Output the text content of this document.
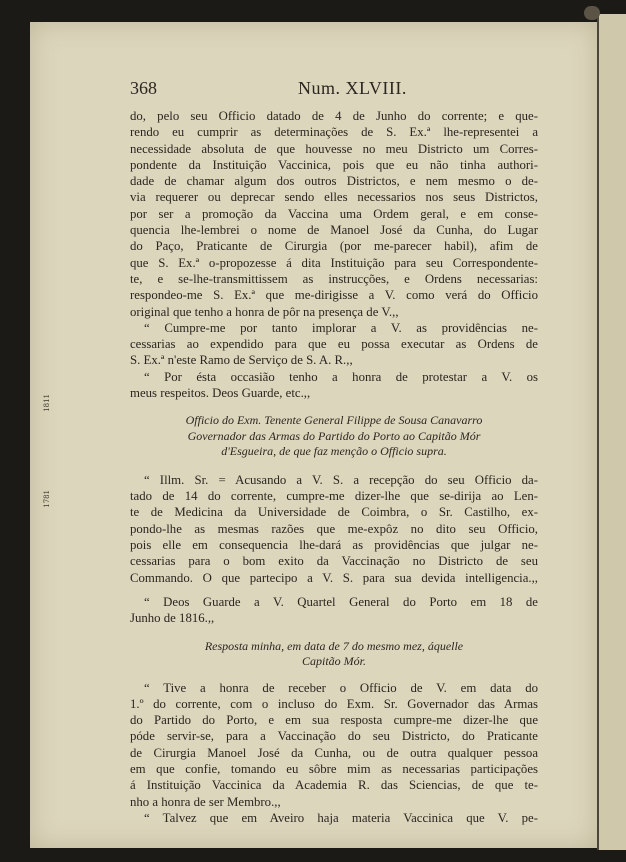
1811
1781
368	Num. XLVIII.
do, pelo seu Officio datado de 4 de Junho do corrente; e que-
rendo eu cumprir as determinações de S. Ex.ª lhe-representei a
necessidade absoluta de que houvesse no meu Districto um Corres-
pondente da Instituição Vaccinica, pois que eu não tinha authori-
dade de chamar algum dos outros Districtos, e nem mesmo o de-
via requerer ou deprecar sendo elles necessarios nos seus Districtos,
por ser a promoção da Vaccina uma Ordem geral, e em conse-
quencia lhe-lembrei o nome de Manoel José da Cunha, do Lugar
do Paço, Praticante de Cirurgia (por me-parecer habil), afim de
que S. Ex.ª o-propozesse á dita Instituição para seu Correspondente-
te, e se-lhe-transmittissem as instrucções, e Ordens necessarias:
respondeo-me S. Ex.ª que me-dirigisse a V. como verá do Officio
original que tenho a honra de pôr na presença de V.,,
“ Cumpre-me por tanto implorar a V. as providências ne-
cessarias ao expendido para que eu possa executar as Ordens de
S. Ex.ª n'este Ramo de Serviço de S. A. R.,,
“ Por ésta occasião tenho a honra de protestar a V. os
meus respeitos. Deos Guarde, etc.,,
Officio do Exm. Tenente General Filippe de Sousa Canavarro
Governador das Armas do Partido do Porto ao Capitão Mór
d'Esgueira, de que faz menção o Officio supra.
“ Illm. Sr. = Acusando a V. S. a recepção do seu Officio da-
tado de 14 do corrente, cumpre-me dizer-lhe que se-dirija ao Len-
te de Medicina da Universidade de Coimbra, o Sr. Castilho, ex-
pondo-lhe as mesmas razões que me-expôz no dito seu Officio,
pois elle em consequencia lhe-dará as providências que julgar ne-
cessarias para o bom exito da Vaccinação no Districto de seu
Commando. O que partecipo a V. S. para sua devida intelligencia.,,
“ Deos Guarde a V. Quartel General do Porto em 18 de
Junho de 1816.,,
Resposta minha, em data de 7 do mesmo mez, áquelle
Capitão Mór.
“ Tive a honra de receber o Officio de V. em data do
1.º do corrente, com o incluso do Exm. Sr. Governador das Armas
do Partido do Porto, e em sua resposta cumpre-me dizer-lhe que
póde servir-se, para a Vaccinação do seu Districto, do Praticante
de Cirurgia Manoel José da Cunha, ou de outra qualquer pessoa
em que confie, tomando eu sôbre mim as necessarias participações
á Instituição Vaccinica da Academia R. das Sciencias, de que te-
nho a honra de ser Membro.,,
“ Talvez que em Aveiro haja materia Vaccinica que V. pe-
